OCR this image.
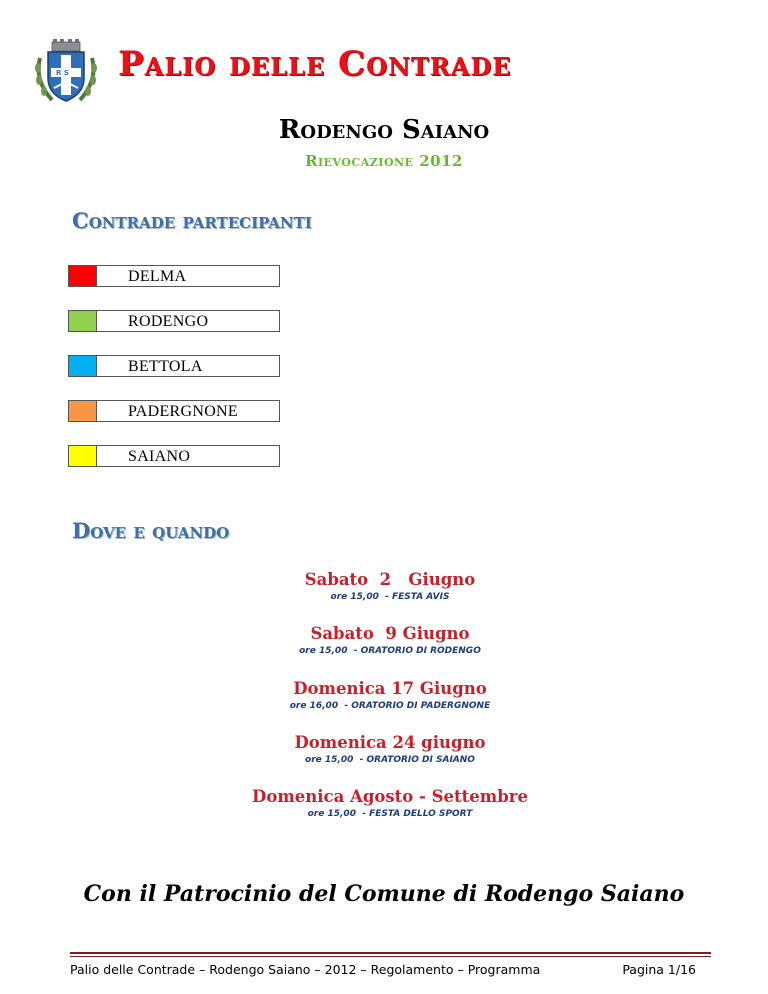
R S Palio delle Contrade
Rodengo Saiano
Rievocazione 2012
Contrade partecipanti
DELMA
RODENGO
BETTOLA
PADERGNONE
SAIANO
Dove e quando
Sabato  2   Giugno
ore 15,00  - FESTA AVIS
Sabato  9 Giugno
ore 15,00  - ORATORIO DI RODENGO
Domenica 17 Giugno
ore 16,00  - ORATORIO DI PADERGNONE
Domenica 24 giugno
ore 15,00  - ORATORIO DI SAIANO
Domenica Agosto - Settembre
ore 15,00  - FESTA DELLO SPORT
Con il Patrocinio del Comune di Rodengo Saiano
Palio delle Contrade – Rodengo Saiano – 2012 – Regolamento – Programma	Pagina 1/16
